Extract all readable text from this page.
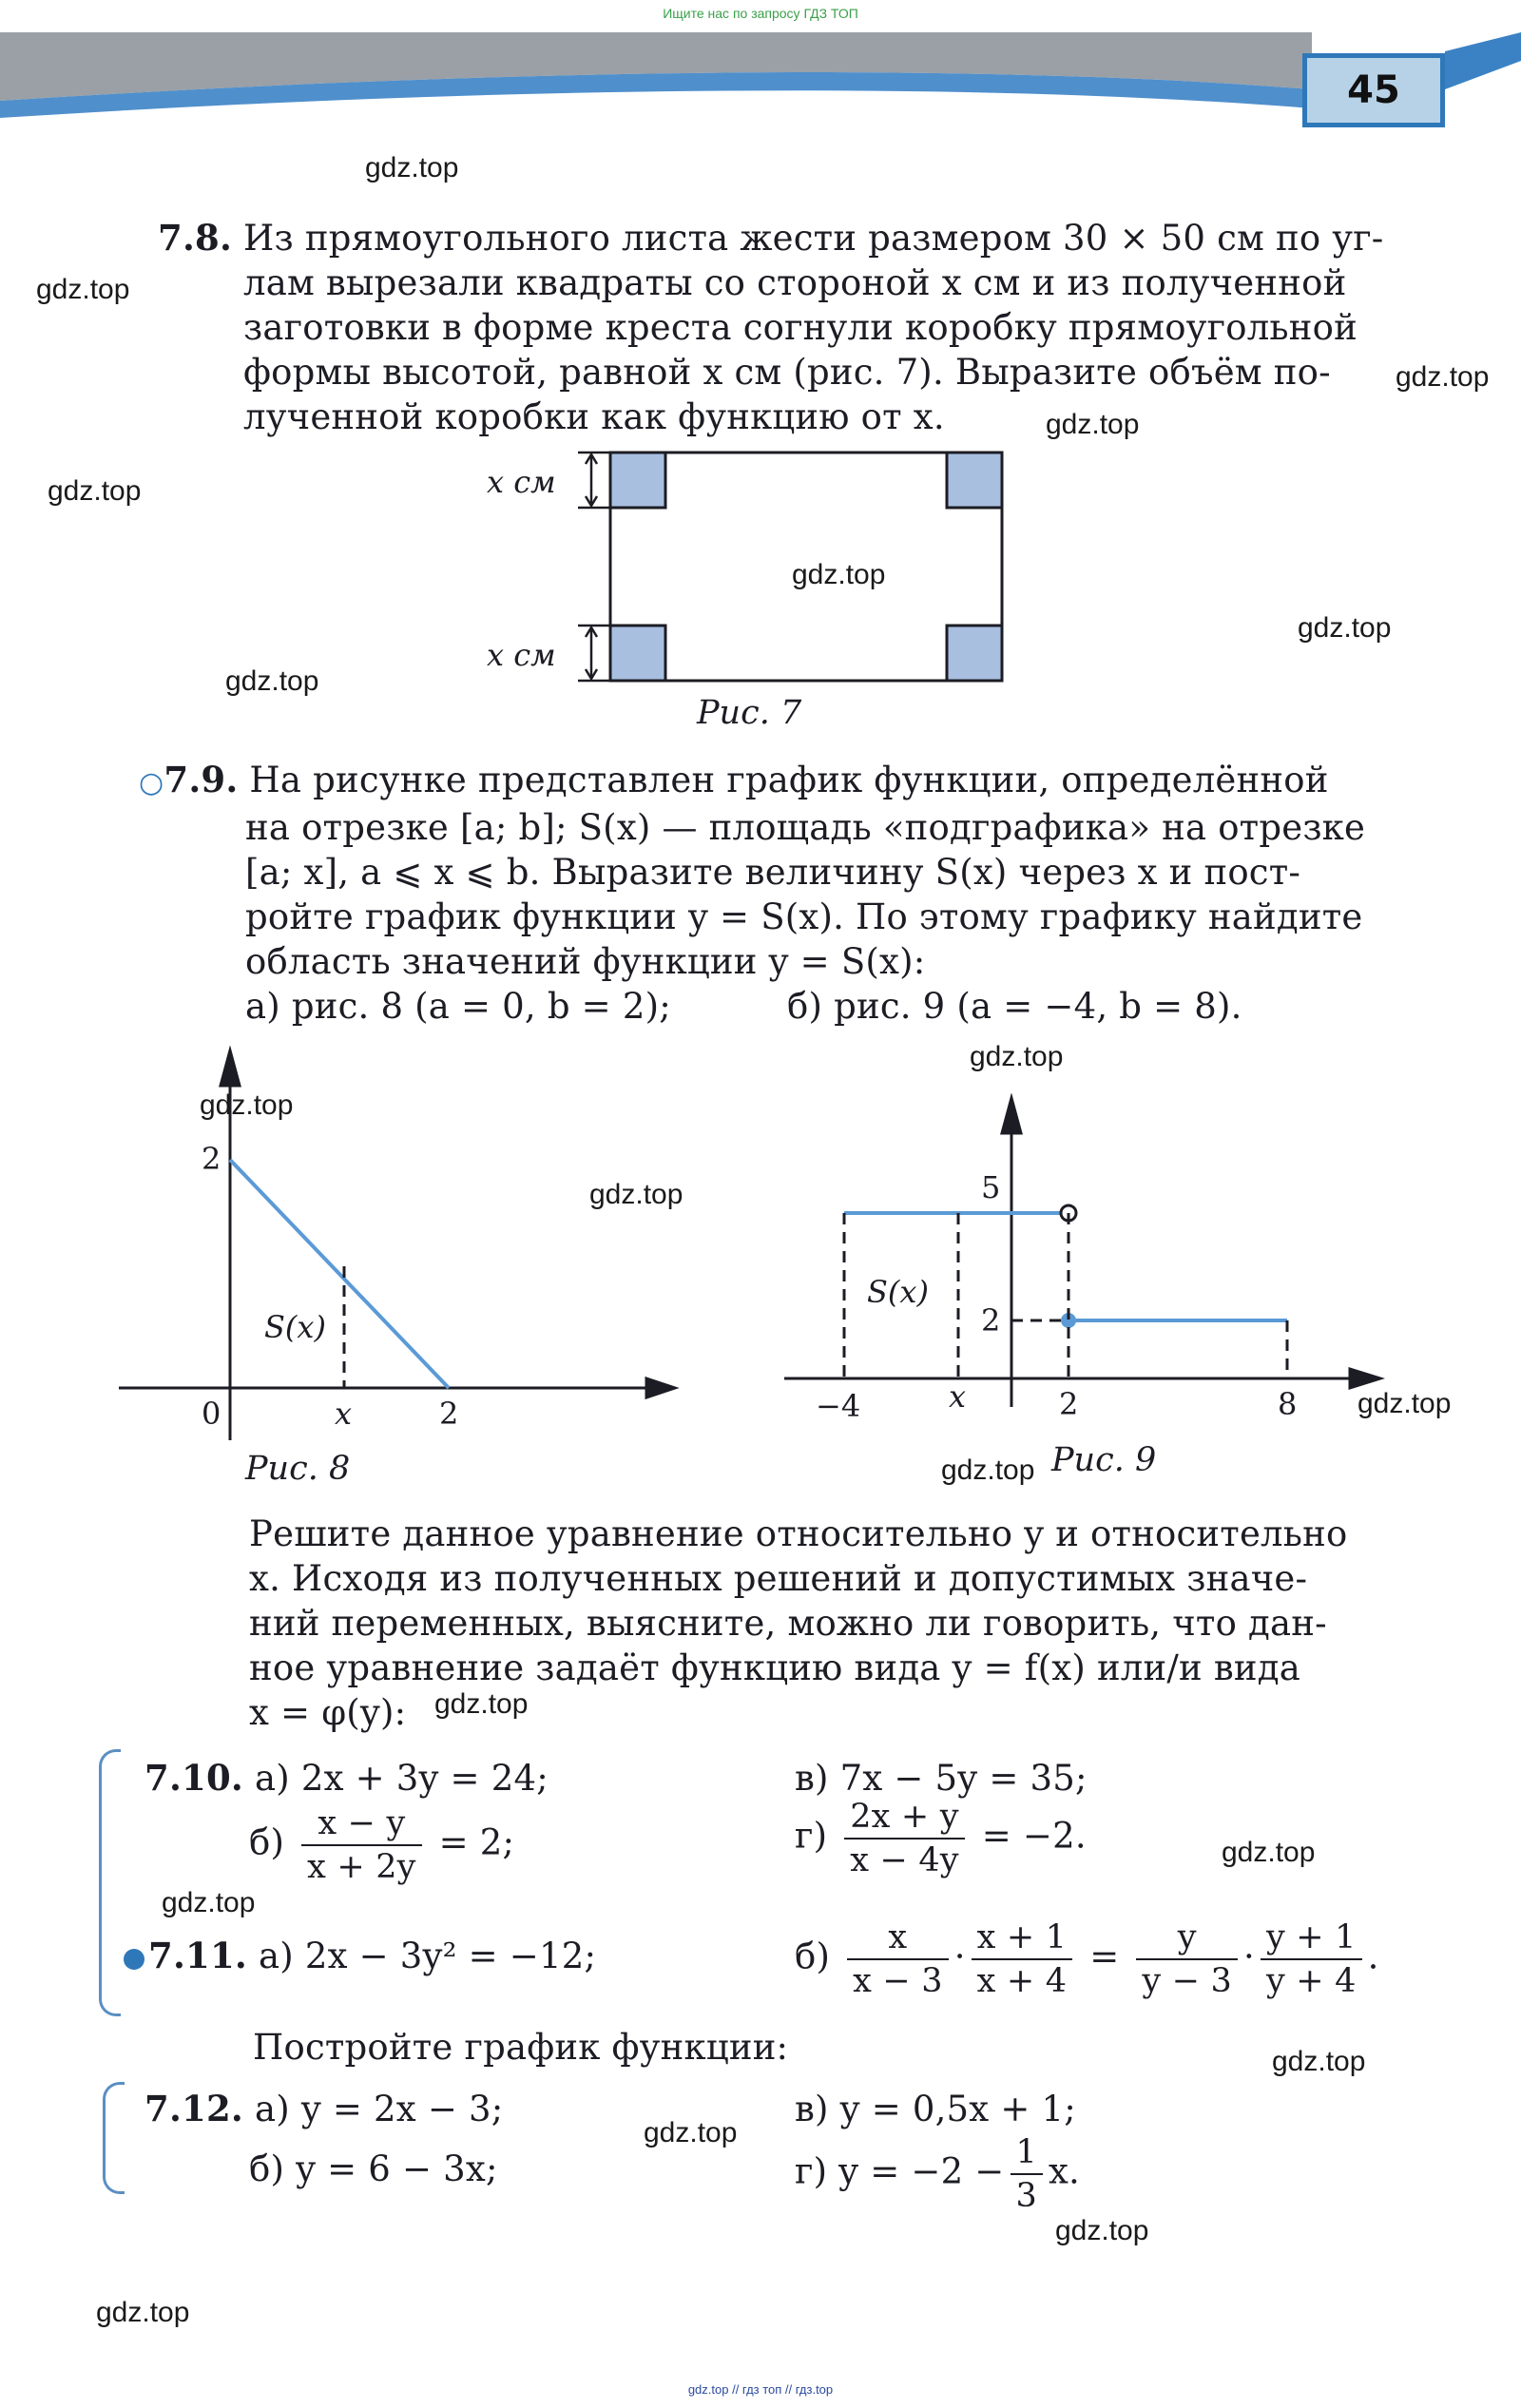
Ищите нас по запросу ГДЗ ТОП
45
gdz.top
gdz.top
gdz.top
gdz.top
gdz.top
gdz.top
gdz.top
gdz.top
gdz.top
gdz.top
gdz.top
gdz.top
gdz.top
gdz.top
gdz.top
gdz.top
gdz.top
gdz.top
gdz.top
gdz.top
7.8. Из прямоугольного листа жести размером 30 × 50 см по уг-
лам вырезали квадраты со стороной x см и из полученной
заготовки в форме креста согнули коробку прямоугольной
формы высотой, равной x см (рис. 7). Выразите объём по-
лученной коробки как функцию от x.
x см
x см
Рис. 7
○7.9. На рисунке представлен график функции, определённой
на отрезке [a; b]; S(x) — площадь «подграфика» на отрезке
[a; x], a ⩽ x ⩽ b. Выразите величину S(x) через x и пост-
ройте график функции y = S(x). По этому графику найдите
область значений функции y = S(x):
а) рис. 8 (a = 0, b = 2);	б) рис. 9 (a = −4, b = 8).
S(x)
2
0	x	2
Рис. 8
S(x)
5
2
−4	x	2	8
Рис. 9
Решите данное уравнение относительно y и относительно
x. Исходя из полученных решений и допустимых значе-
ний переменных, выясните, можно ли говорить, что дан-
ное уравнение задаёт функцию вида y = f(x) или/и вида
x = φ(y):
7.10. а) 2x + 3y = 24;	в) 7x − 5y = 35;
$б) \frac{x - y}{x + 2y} = 2$;	$г) \frac{2x + y}{x - 4y} = -2$.
7.11. а) 2x − 3y² = −12;	$б) \frac{x}{x - 3} \cdot \frac{x + 1}{x + 4} = \frac{y}{y - 3} \cdot \frac{y + 1}{y + 4}$ .
Постройте график функции:
7.12. а) y = 2x − 3;	в) y = 0,5x + 1;
б) y = 6 − 3x;	г) $y = -2 - \frac{1}{3} x$.
gdz.top // гдз топ // гдз.top
